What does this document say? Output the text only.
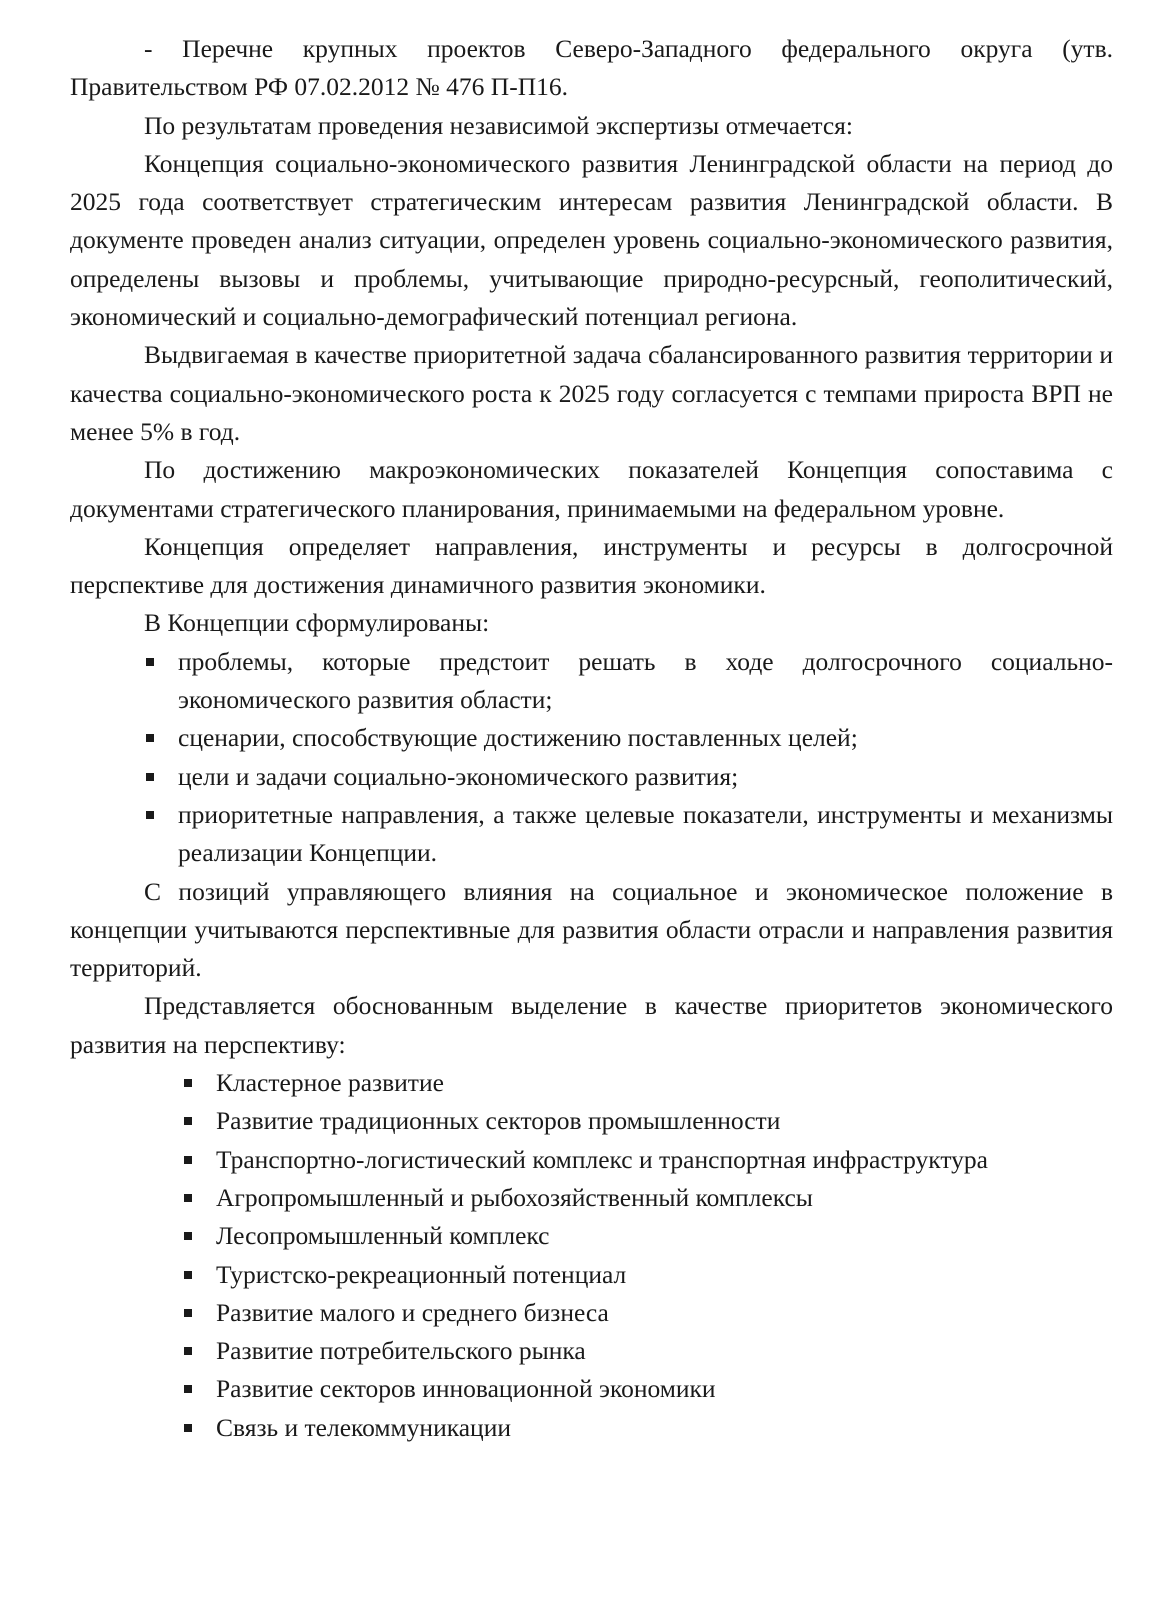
- Перечне крупных проектов Северо-Западного федерального округа (утв. Правительством РФ 07.02.2012 № 476 П-П16.

По результатам проведения независимой экспертизы отмечается:

Концепция социально-экономического развития Ленинградской области на период до 2025 года соответствует стратегическим интересам развития Ленинградской области. В документе проведен анализ ситуации, определен уровень социально-экономического развития, определены вызовы и проблемы, учитывающие природно-ресурсный, геополитический, экономический и социально-демографический потенциал региона.

Выдвигаемая в качестве приоритетной задача сбалансированного развития территории и качества социально-экономического роста к 2025 году согласуется с темпами прироста ВРП не менее 5% в год.

По достижению макроэкономических показателей Концепция сопоставима с документами стратегического планирования, принимаемыми на федеральном уровне.

Концепция определяет направления, инструменты и ресурсы в долгосрочной перспективе для достижения динамичного развития экономики.

В Концепции сформулированы:

проблемы, которые предстоит решать в ходе долгосрочного социально-экономического развития области;
сценарии, способствующие достижению поставленных целей;
цели и задачи социально-экономического развития;
приоритетные направления, а также целевые показатели, инструменты и механизмы реализации Концепции.

С позиций управляющего влияния на социальное и экономическое положение в концепции учитываются перспективные для развития области отрасли и направления развития территорий.

Представляется обоснованным выделение в качестве приоритетов экономического развития на перспективу:

Кластерное развитие
Развитие традиционных секторов промышленности
Транспортно-логистический комплекс и транспортная инфраструктура
Агропромышленный и рыбохозяйственный комплексы
Лесопромышленный комплекс
Туристско-рекреационный потенциал
Развитие малого и среднего бизнеса
Развитие потребительского рынка
Развитие секторов инновационной экономики
Связь и телекоммуникации
